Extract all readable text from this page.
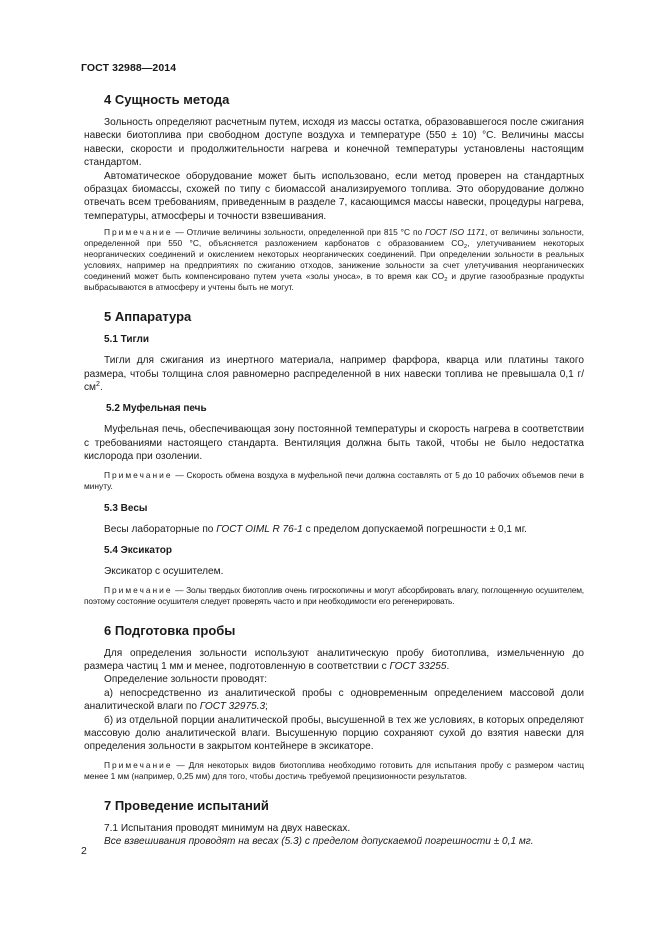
ГОСТ 32988—2014
4 Сущность метода

Зольность определяют расчетным путем, исходя из массы остатка, образовавшегося после сжигания навески биотоплива при свободном доступе воздуха и температуре (550 ± 10) °С. Величины массы навески, скорости и продолжительности нагрева и конечной температуры установлены настоящим стандартом.

Автоматическое оборудование может быть использовано, если метод проверен на стандартных образцах биомассы, схожей по типу с биомассой анализируемого топлива. Это оборудование должно отвечать всем требованиям, приведенным в разделе 7, касающимся массы навески, процедуры нагрева, температуры, атмосферы и точности взвешивания.

Примечание — Отличие величины зольности, определенной при 815 °С по ГОСТ ISO 1171, от величины зольности, определенной при 550 °С, объясняется разложением карбонатов с образованием $CO_2$, улетучиванием некоторых неорганических соединений и окислением некоторых неорганических соединений. При определении зольности в реальных условиях, например на предприятиях по сжиганию отходов, занижение зольности за счет улетучивания неорганических соединений может быть компенсировано путем учета «золы уноса», в то время как $CO_2$ и другие газообразные продукты выбрасываются в атмосферу и учтены быть не могут.

5 Аппаратура
5.1 Тигли

Тигли для сжигания из инертного материала, например фарфора, кварца или платины такого размера, чтобы толщина слоя равномерно распределенной в них навески топлива не превышала 0,1 $г/см^2$.

5.2 Муфельная печь

Муфельная печь, обеспечивающая зону постоянной температуры и скорость нагрева в соответствии с требованиями настоящего стандарта. Вентиляция должна быть такой, чтобы не было недостатка кислорода при озолении.

Примечание — Скорость обмена воздуха в муфельной печи должна составлять от 5 до 10 рабочих объемов печи в минуту.

5.3 Весы

Весы лабораторные по ГОСТ OIML R 76-1 с пределом допускаемой погрешности ± 0,1 мг.

5.4 Эксикатор

Эксикатор с осушителем.

Примечание — Золы твердых биотоплив очень гигроскопичны и могут абсорбировать влагу, поглощенную осушителем, поэтому состояние осушителя следует проверять часто и при необходимости его регенерировать.

6 Подготовка пробы

Для определения зольности используют аналитическую пробу биотоплива, измельченную до размера частиц 1 мм и менее, подготовленную в соответствии с ГОСТ 33255.

Определение зольности проводят:

а) непосредственно из аналитической пробы с одновременным определением массовой доли аналитической влаги по ГОСТ 32975.3;

б) из отдельной порции аналитической пробы, высушенной в тех же условиях, в которых определяют массовую долю аналитической влаги. Высушенную порцию сохраняют сухой до взятия навески для определения зольности в закрытом контейнере в эксикаторе.

Примечание — Для некоторых видов биотоплива необходимо готовить для испытания пробу с размером частиц менее 1 мм (например, 0,25 мм) для того, чтобы достичь требуемой прецизионности результатов.

7 Проведение испытаний

7.1 Испытания проводят минимум на двух навесках.

Все взвешивания проводят на весах (5.3) с пределом допускаемой погрешности ± 0,1 мг.

2
